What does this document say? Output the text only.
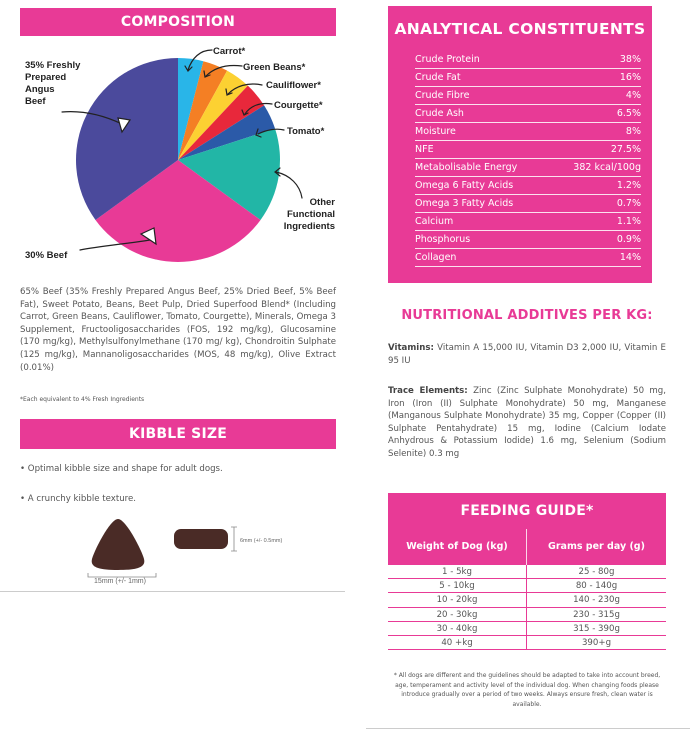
COMPOSITION
35% Freshly
Prepared
Angus
Beef
30% Beef
Carrot*
Green Beans*
Cauliflower*
Courgette*
Tomato*
Other
Functional
Ingredients
65% Beef (35% Freshly Prepared Angus Beef, 25% Dried Beef, 5% Beef Fat), Sweet Potato, Beans, Beet Pulp, Dried Superfood Blend* (Including Carrot, Green Beans, Cauliflower, Tomato, Courgette), Minerals, Omega 3 Supplement, Fructooligosaccharides (FOS, 192 mg/kg), Glucosamine (170 mg/kg), Methylsulfonylmethane (170 mg/ kg), Chondroitin Sulphate (125 mg/kg), Mannanoligosaccharides (MOS, 48 mg/kg), Olive Extract (0.01%)
*Each equivalent to 4% Fresh Ingredients
KIBBLE SIZE
• Optimal kibble size and shape for adult dogs.
• A crunchy kibble texture.
6mm (+/- 0.5mm)
15mm (+/- 1mm)
ANALYTICAL CONSTITUENTS
Crude Protein	38%
Crude Fat	16%
Crude Fibre	4%
Crude Ash	6.5%
Moisture	8%
NFE	27.5%
Metabolisable Energy	382 kcal/100g
Omega 6 Fatty Acids	1.2%
Omega 3 Fatty Acids	0.7%
Calcium	1.1%
Phosphorus	0.9%
Collagen	14%
NUTRITIONAL ADDITIVES PER KG:
Vitamins: Vitamin A 15,000 IU, Vitamin D3 2,000 IU, Vitamin E 95 IU
Trace Elements: Zinc (Zinc Sulphate Monohydrate) 50 mg, Iron (Iron (II) Sulphate Monohydrate) 50 mg, Manganese (Manganous Sulphate Monohydrate) 35 mg, Copper (Copper (II) Sulphate Pentahydrate) 15 mg, Iodine (Calcium Iodate Anhydrous & Potassium Iodide) 1.6 mg, Selenium (Sodium Selenite) 0.3 mg
FEEDING GUIDE*
Weight of Dog (kg)	Grams per day (g)
1 - 5kg	25 - 80g
5 - 10kg	80 - 140g
10 - 20kg	140 - 230g
20 - 30kg	230 - 315g
30 - 40kg	315 - 390g
40 +kg	390+g
* All dogs are different and the guidelines should be adapted to take into account breed, age, temperament and activity level of the individual dog. When changing foods please introduce gradually over a period of two weeks. Always ensure fresh, clean water is available.
